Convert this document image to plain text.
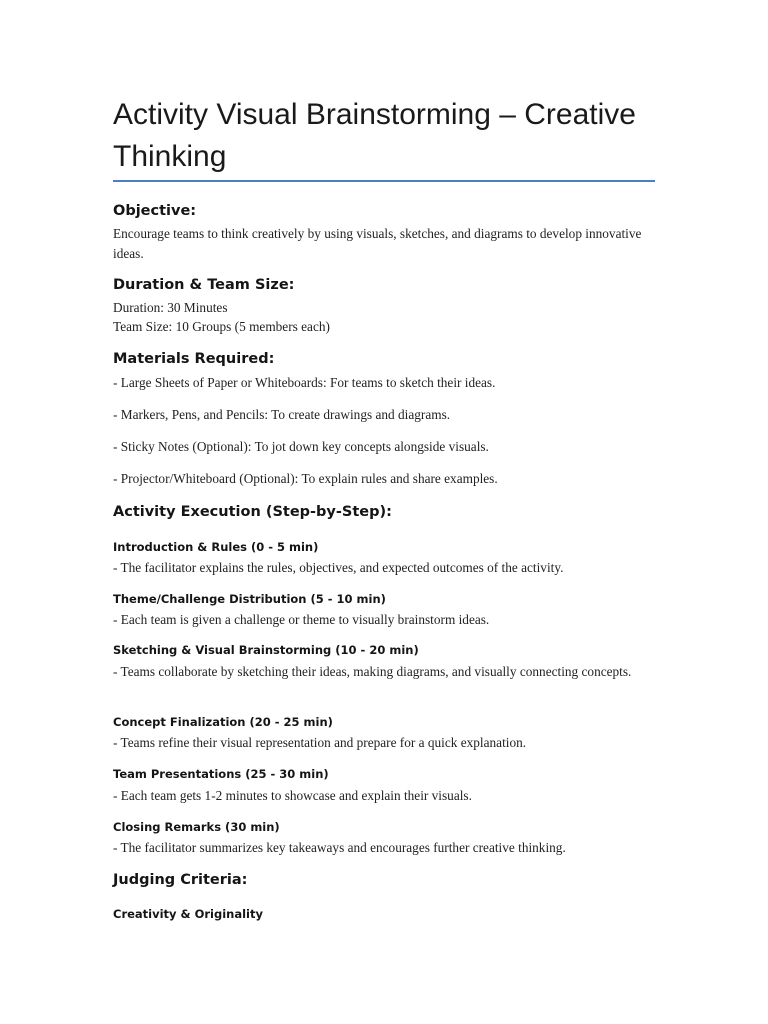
Activity Visual Brainstorming – Creative Thinking
Objective:

Encourage teams to think creatively by using visuals, sketches, and diagrams to develop innovative ideas.

Duration & Team Size:

Duration: 30 Minutes

Team Size: 10 Groups (5 members each)

Materials Required:

- Large Sheets of Paper or Whiteboards: For teams to sketch their ideas.

- Markers, Pens, and Pencils: To create drawings and diagrams.

- Sticky Notes (Optional): To jot down key concepts alongside visuals.

- Projector/Whiteboard (Optional): To explain rules and share examples.

Activity Execution (Step-by-Step):
Introduction & Rules (0 - 5 min)

- The facilitator explains the rules, objectives, and expected outcomes of the activity.

Theme/Challenge Distribution (5 - 10 min)

- Each team is given a challenge or theme to visually brainstorm ideas.

Sketching & Visual Brainstorming (10 - 20 min)

- Teams collaborate by sketching their ideas, making diagrams, and visually connecting concepts.

Concept Finalization (20 - 25 min)

- Teams refine their visual representation and prepare for a quick explanation.

Team Presentations (25 - 30 min)

- Each team gets 1-2 minutes to showcase and explain their visuals.

Closing Remarks (30 min)

- The facilitator summarizes key takeaways and encourages further creative thinking.

Judging Criteria:
Creativity & Originality
